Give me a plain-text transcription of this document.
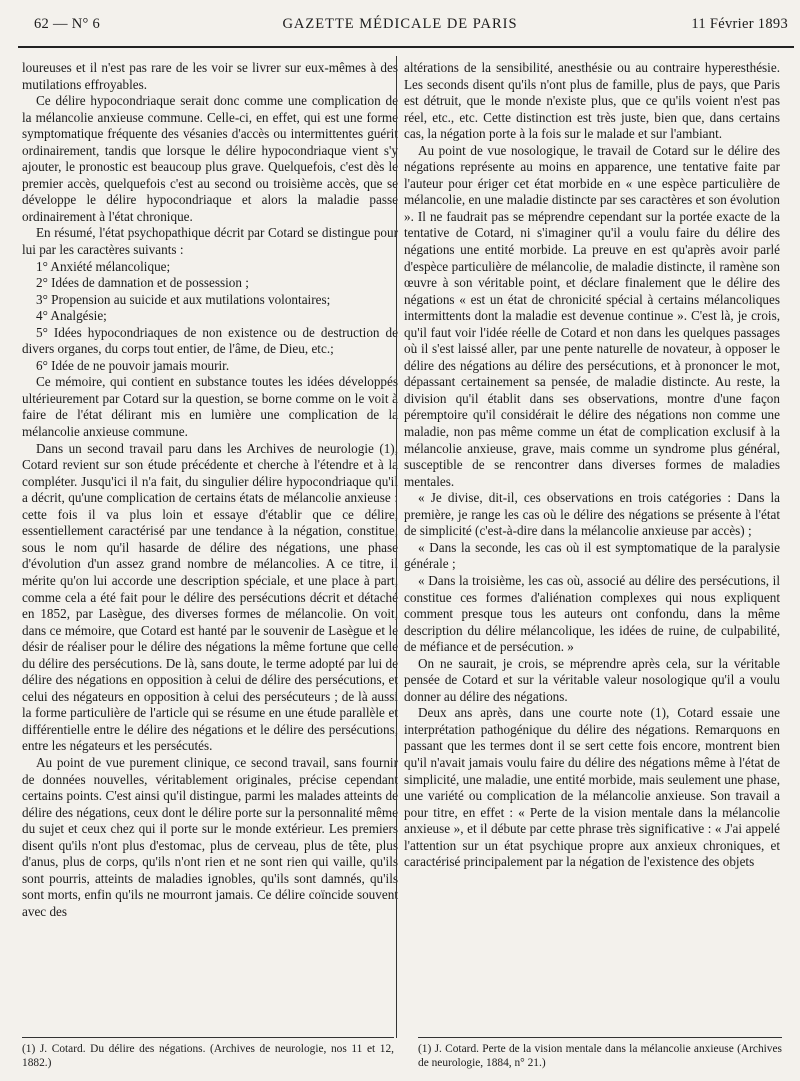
62 — N° 6	GAZETTE MÉDICALE DE PARIS	11 Février 1893

loureuses et il n'est pas rare de les voir se livrer sur eux-mêmes à des mutilations effroyables.

Ce délire hypocondriaque serait donc comme une complication de la mélancolie anxieuse commune. Celle-ci, en effet, qui est une forme symptomatique fréquente des vésanies d'accès ou intermittentes guérit ordinairement, tandis que lorsque le délire hypocondriaque vient s'y ajouter, le pronostic est beaucoup plus grave. Quelquefois, c'est dès le premier accès, quelquefois c'est au second ou troisième accès, que se développe le délire hypocondriaque et alors la maladie passe ordinairement à l'état chronique.

En résumé, l'état psychopathique décrit par Cotard se distingue pour lui par les caractères suivants :

1° Anxiété mélancolique;

2° Idées de damnation et de possession ;

3° Propension au suicide et aux mutilations volontaires;

4° Analgésie;

5° Idées hypocondriaques de non existence ou de destruction de divers organes, du corps tout entier, de l'âme, de Dieu, etc.;

6° Idée de ne pouvoir jamais mourir.

Ce mémoire, qui contient en substance toutes les idées développés ultérieurement par Cotard sur la question, se borne comme on le voit à faire de l'état délirant mis en lumière une complication de la mélancolie anxieuse commune.

Dans un second travail paru dans les Archives de neurologie (1), Cotard revient sur son étude précédente et cherche à l'étendre et à la compléter. Jusqu'ici il n'a fait, du singulier délire hypocondriaque qu'il a décrit, qu'une complication de certains états de mélancolie anxieuse : cette fois il va plus loin et essaye d'établir que ce délire, essentiellement caractérisé par une tendance à la négation, constitue, sous le nom qu'il hasarde de délire des négations, une phase d'évolution d'un assez grand nombre de mélancolies. A ce titre, il mérite qu'on lui accorde une description spéciale, et une place à part, comme cela a été fait pour le délire des persécutions décrit et détaché en 1852, par Lasègue, des diverses formes de mélancolie. On voit, dans ce mémoire, que Cotard est hanté par le souvenir de Lasègue et le désir de réaliser pour le délire des négations la même fortune que celle du délire des persécutions. De là, sans doute, le terme adopté par lui de délire des négations en opposition à celui de délire des persécutions, et celui des négateurs en opposition à celui des persécuteurs ; de là aussi la forme particulière de l'article qui se résume en une étude parallèle et différentielle entre le délire des négations et le délire des persécutions, entre les négateurs et les persécutés.

Au point de vue purement clinique, ce second travail, sans fournir de données nouvelles, véritablement originales, précise cependant certains points. C'est ainsi qu'il distingue, parmi les malades atteints de délire des négations, ceux dont le délire porte sur la personnalité même du sujet et ceux chez qui il porte sur le monde extérieur. Les premiers disent qu'ils n'ont plus d'estomac, plus de cerveau, plus de tête, plus d'anus, plus de corps, qu'ils n'ont rien et ne sont rien qui vaille, qu'ils sont pourris, atteints de maladies ignobles, qu'ils sont damnés, qu'ils sont morts, enfin qu'ils ne mourront jamais. Ce délire coïncide souvent avec des

altérations de la sensibilité, anesthésie ou au contraire hyperesthésie. Les seconds disent qu'ils n'ont plus de famille, plus de pays, que Paris est détruit, que le monde n'existe plus, que ce qu'ils voient n'est pas réel, etc., etc. Cette distinction est très juste, bien que, dans certains cas, la négation porte à la fois sur le malade et sur l'ambiant.

Au point de vue nosologique, le travail de Cotard sur le délire des négations représente au moins en apparence, une tentative faite par l'auteur pour ériger cet état morbide en « une espèce particulière de mélancolie, en une maladie distincte par ses caractères et son évolution ». Il ne faudrait pas se méprendre cependant sur la portée exacte de la tentative de Cotard, ni s'imaginer qu'il a voulu faire du délire des négations une entité morbide. La preuve en est qu'après avoir parlé d'espèce particulière de mélancolie, de maladie distincte, il ramène son œuvre à son véritable point, et déclare finalement que le délire des négations « est un état de chronicité spécial à certains mélancoliques intermittents dont la maladie est devenue continue ». C'est là, je crois, qu'il faut voir l'idée réelle de Cotard et non dans les quelques passages où il s'est laissé aller, par une pente naturelle de novateur, à opposer le délire des négations au délire des persécutions, et à prononcer le mot, dépassant certainement sa pensée, de maladie distincte. Au reste, la division qu'il établit dans ses observations, montre d'une façon péremptoire qu'il considérait le délire des négations non comme une maladie, non pas même comme un état de complication exclusif à la mélancolie anxieuse, grave, mais comme un syndrome plus général, susceptible de se rencontrer dans diverses formes de maladies mentales.

« Je divise, dit-il, ces observations en trois catégories : Dans la première, je range les cas où le délire des négations se présente à l'état de simplicité (c'est-à-dire dans la mélancolie anxieuse par accès) ;

« Dans la seconde, les cas où il est symptomatique de la paralysie générale ;

« Dans la troisième, les cas où, associé au délire des persécutions, il constitue ces formes d'aliénation complexes qui nous expliquent comment presque tous les auteurs ont confondu, dans la même description du délire mélancolique, les idées de ruine, de culpabilité, de méfiance et de persécution. »

On ne saurait, je crois, se méprendre après cela, sur la véritable pensée de Cotard et sur la véritable valeur nosologique qu'il a voulu donner au délire des négations.

Deux ans après, dans une courte note (1), Cotard essaie une interprétation pathogénique du délire des négations. Remarquons en passant que les termes dont il se sert cette fois encore, montrent bien qu'il n'avait jamais voulu faire du délire des négations même à l'état de simplicité, une maladie, une entité morbide, mais seulement une phase, une variété ou complication de la mélancolie anxieuse. Son travail a pour titre, en effet : « Perte de la vision mentale dans la mélancolie anxieuse », et il débute par cette phrase très significative : « J'ai appelé l'attention sur un état psychique propre aux anxieux chroniques, et caractérisé principalement par la négation de l'existence des objets

(1) J. Cotard. Du délire des négations. (Archives de neurologie, nos 11 et 12, 1882.)
(1) J. Cotard. Perte de la vision mentale dans la mélancolie anxieuse (Archives de neurologie, 1884, n° 21.)
